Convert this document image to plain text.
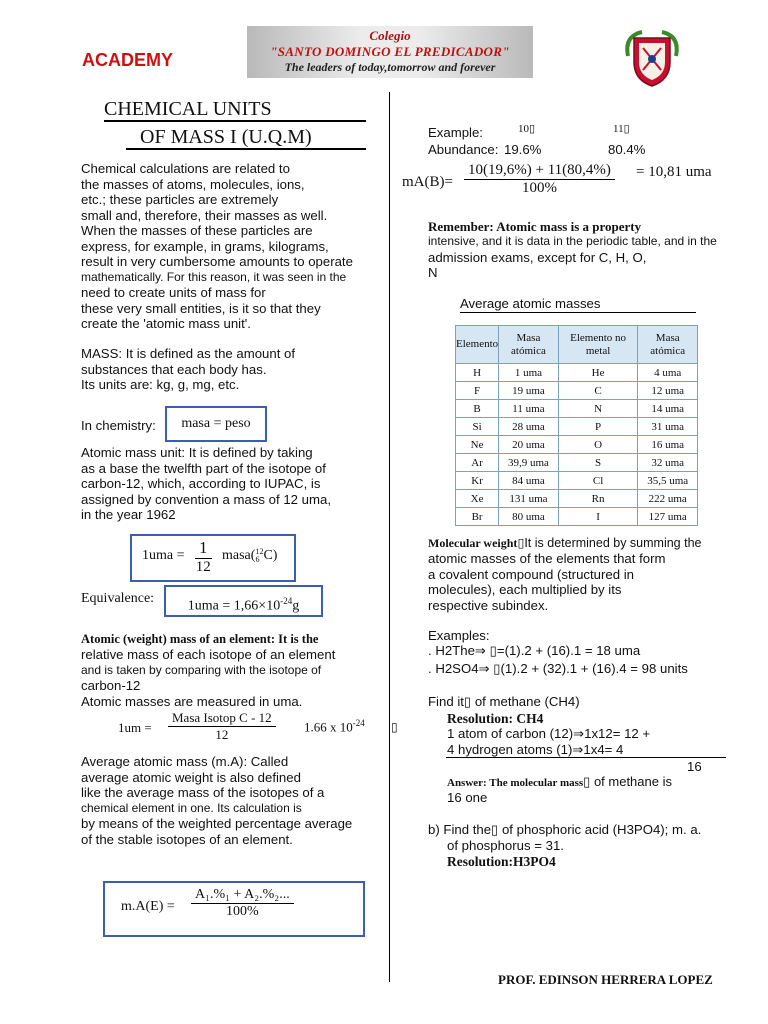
ACADEMY
Colegio
"SANTO DOMINGO EL PREDICADOR"
The leaders of today,tomorrow and forever
CHEMICAL UNITS
OF MASS I (U.Q.M)
Chemical calculations are related to
the masses of atoms, molecules, ions,
etc.; these particles are extremely
small and, therefore, their masses as well.
When the masses of these particles are
express, for example, in grams, kilograms,
result in very cumbersome amounts to operate
mathematically. For this reason, it was seen in the
need to create units of mass for
these very small entities, is it so that they
create the 'atomic mass unit'.
MASS: It is defined as the amount of
substances that each body has.
Its units are: kg, g, mg, etc.
In chemistry:	masa = peso
Atomic mass unit: It is defined by taking
as a base the twelfth part of the isotope of
carbon-12, which, according to IUPAC, is
assigned by convention a mass of 12 uma,
in the year 1962
$1uma = \frac{1}{12}$ masa( 12
6 C)
Equivalence:
$1uma = 1,66\times 10^{-24}g$
Atomic (weight) mass of an element: It is the
relative mass of each isotope of an element
and is taken by comparing with the isotope of
carbon-12
Atomic masses are measured in uma.
1um =
Masa Isotop C - 12
12
1.66 x $10^{-24}$ ▯
Average atomic mass (m.A): Called
average atomic weight is also defined
like the average mass of the isotopes of a
chemical element in one. Its calculation is
by means of the weighted percentage average
of the stable isotopes of an element.
$m.A(E) = \frac{\text{A₁.\%₁ + A₂.\%₂...}}{100\%}$
Example:	10▯	11▯
Abundance: 19.6%	80.4%
$mA(B)= \frac{10(19,6\%) + 11(80,4\%)}{100\%} = 10,81$ uma
Remember: Atomic mass is a property
intensive, and it is data in the periodic table, and in the
admission exams, except for C, H, O,
N
Average atomic masses
Elemento	Masa atómica	Elemento no metal	Masa atómica
H	1 uma	He	4 uma
F	19 uma	C	12 uma
B	11 uma	N	14 uma
Si	28 uma	P	31 uma
Ne	20 uma	O	16 uma
Ar	39,9 uma	S	32 uma
Kr	84 uma	Cl	35,5 uma
Xe	131 uma	Rn	222 uma
Br	80 uma	I	127 uma
Molecular weight▯It is determined by summing the
atomic masses of the elements that form
a covalent compound (structured in
molecules), each multiplied by its
respective subindex.
Examples:
. H2The⇒ ▯=(1).2 + (16).1 = 18 uma
. H2SO4⇒ ▯(1).2 + (32).1 + (16).4 = 98 units
Find it▯ of methane (CH4)
Resolution: CH4
1 atom of carbon (12)⇒1x12= 12 +
4 hydrogen atoms (1)⇒1x4= 4
16
Answer: The molecular mass▯ of methane is
16 one
b) Find the▯ of phosphoric acid (H3PO4); m. a.
of phosphorus = 31.
Resolution:H3PO4
PROF. EDINSON HERRERA LOPEZ
